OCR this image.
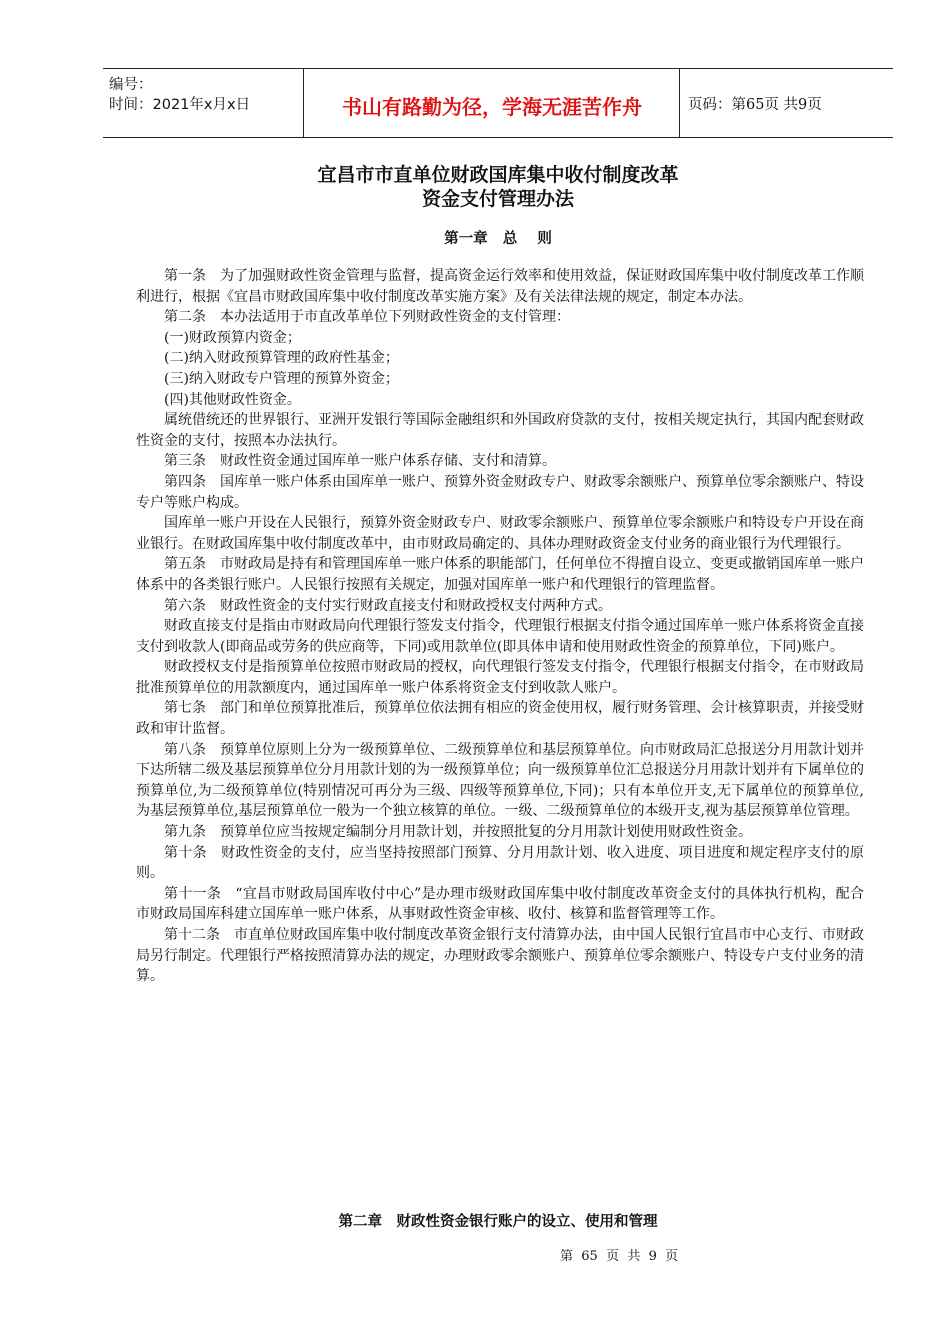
编号：
时间：2021年x月x日	书山有路勤为径，学海无涯苦作舟	页码：第65页 共9页
宜昌市市直单位财政国库集中收付制度改革
资金支付管理办法
第一章   总    则

第一条　为了加强财政性资金管理与监督，提高资金运行效率和使用效益，保证财政国库集中收付制度改革工作顺利进行，根据《宜昌市财政国库集中收付制度改革实施方案》及有关法律法规的规定，制定本办法。

第二条　本办法适用于市直改革单位下列财政性资金的支付管理：

(一)财政预算内资金；

(二)纳入财政预算管理的政府性基金；

(三)纳入财政专户管理的预算外资金；

(四)其他财政性资金。

属统借统还的世界银行、亚洲开发银行等国际金融组织和外国政府贷款的支付，按相关规定执行，其国内配套财政性资金的支付，按照本办法执行。

第三条　财政性资金通过国库单一账户体系存储、支付和清算。

第四条　国库单一账户体系由国库单一账户、预算外资金财政专户、财政零余额账户、预算单位零余额账户、特设专户等账户构成。

国库单一账户开设在人民银行，预算外资金财政专户、财政零余额账户、预算单位零余额账户和特设专户开设在商业银行。在财政国库集中收付制度改革中，由市财政局确定的、具体办理财政资金支付业务的商业银行为代理银行。

第五条　市财政局是持有和管理国库单一账户体系的职能部门，任何单位不得擅自设立、变更或撤销国库单一账户体系中的各类银行账户。人民银行按照有关规定，加强对国库单一账户和代理银行的管理监督。

第六条　财政性资金的支付实行财政直接支付和财政授权支付两种方式。

财政直接支付是指由市财政局向代理银行签发支付指令，代理银行根据支付指令通过国库单一账户体系将资金直接支付到收款人(即商品或劳务的供应商等，下同)或用款单位(即具体申请和使用财政性资金的预算单位，下同)账户。

财政授权支付是指预算单位按照市财政局的授权，向代理银行签发支付指令，代理银行根据支付指令，在市财政局批准预算单位的用款额度内，通过国库单一账户体系将资金支付到收款人账户。

第七条　部门和单位预算批准后，预算单位依法拥有相应的资金使用权，履行财务管理、会计核算职责，并接受财政和审计监督。

第八条　预算单位原则上分为一级预算单位、二级预算单位和基层预算单位。向市财政局汇总报送分月用款计划并下达所辖二级及基层预算单位分月用款计划的为一级预算单位；向一级预算单位汇总报送分月用款计划并有下属单位的预算单位,为二级预算单位(特别情况可再分为三级、四级等预算单位,下同)；只有本单位开支,无下属单位的预算单位,为基层预算单位,基层预算单位一般为一个独立核算的单位。一级、二级预算单位的本级开支,视为基层预算单位管理。

第九条　预算单位应当按规定编制分月用款计划，并按照批复的分月用款计划使用财政性资金。

第十条　财政性资金的支付，应当坚持按照部门预算、分月用款计划、收入进度、项目进度和规定程序支付的原则。

第十一条　“宜昌市财政局国库收付中心”是办理市级财政国库集中收付制度改革资金支付的具体执行机构，配合市财政局国库科建立国库单一账户体系，从事财政性资金审核、收付、核算和监督管理等工作。

第十二条　市直单位财政国库集中收付制度改革资金银行支付清算办法，由中国人民银行宜昌市中心支行、市财政局另行制定。代理银行严格按照清算办法的规定，办理财政零余额账户、预算单位零余额账户、特设专户支付业务的清算。

第二章　财政性资金银行账户的设立、使用和管理
第  65  页  共  9  页
